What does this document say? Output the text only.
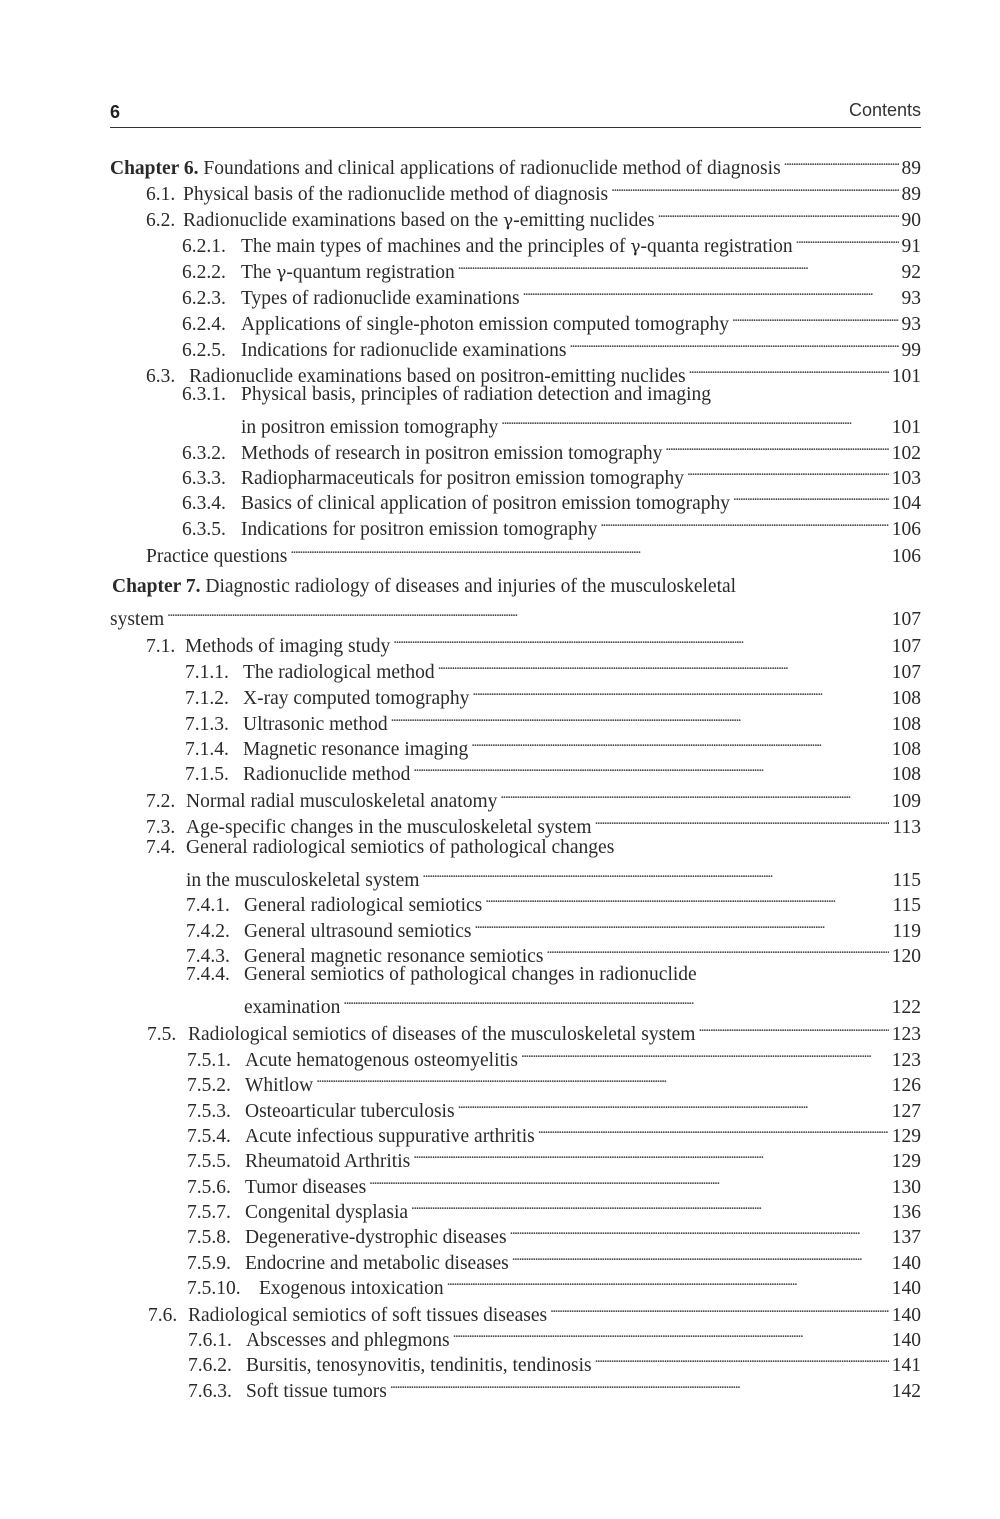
6	Contents
Chapter 6. Foundations and clinical applications of radionuclide method of diagnosis . . .	89
6.1. Physical basis of the radionuclide method of diagnosis . . .	89
6.2. Radionuclide examinations based on the γ-emitting nuclides . . .	90
6.2.1. The main types of machines and the principles of γ-quanta registration . . .	91
6.2.2. The γ-quantum registration . . .	92
6.2.3. Types of radionuclide examinations . . .	93
6.2.4. Applications of single-photon emission computed tomography . . .	93
6.2.5. Indications for radionuclide examinations . . .	99
6.3. Radionuclide examinations based on positron-emitting nuclides . . .	101
6.3.1. Physical basis, principles of radiation detection and imaging
in positron emission tomography . . .	101
6.3.2. Methods of research in positron emission tomography . . .	102
6.3.3. Radiopharmaceuticals for positron emission tomography . . .	103
6.3.4. Basics of clinical application of positron emission tomography . . .	104
6.3.5. Indications for positron emission tomography . . .	106
Practice questions . . .	106
Chapter 7. Diagnostic radiology of diseases and injuries of the musculoskeletal
system . . .	107
7.1. Methods of imaging study . . .	107
7.1.1. The radiological method . . .	107
7.1.2. X-ray computed tomography . . .	108
7.1.3. Ultrasonic method . . .	108
7.1.4. Magnetic resonance imaging . . .	108
7.1.5. Radionuclide method . . .	108
7.2. Normal radial musculoskeletal anatomy . . .	109
7.3. Age-specific changes in the musculoskeletal system . . .	113
7.4. General radiological semiotics of pathological changes
in the musculoskeletal system . . .	115
7.4.1. General radiological semiotics . . .	115
7.4.2. General ultrasound semiotics . . .	119
7.4.3. General magnetic resonance semiotics . . .	120
7.4.4. General semiotics of pathological changes in radionuclide
examination . . .	122
7.5. Radiological semiotics of diseases of the musculoskeletal system . . .	123
7.5.1. Acute hematogenous osteomyelitis . . .	123
7.5.2. Whitlow . . .	126
7.5.3. Osteoarticular tuberculosis . . .	127
7.5.4. Acute infectious suppurative arthritis . . .	129
7.5.5. Rheumatoid Arthritis . . .	129
7.5.6. Tumor diseases . . .	130
7.5.7. Congenital dysplasia . . .	136
7.5.8. Degenerative-dystrophic diseases . . .	137
7.5.9. Endocrine and metabolic diseases . . .	140
7.5.10. Exogenous intoxication . . .	140
7.6. Radiological semiotics of soft tissues diseases . . .	140
7.6.1. Abscesses and phlegmons . . .	140
7.6.2. Bursitis, tenosynovitis, tendinitis, tendinosis . . .	141
7.6.3. Soft tissue tumors . . .	142
